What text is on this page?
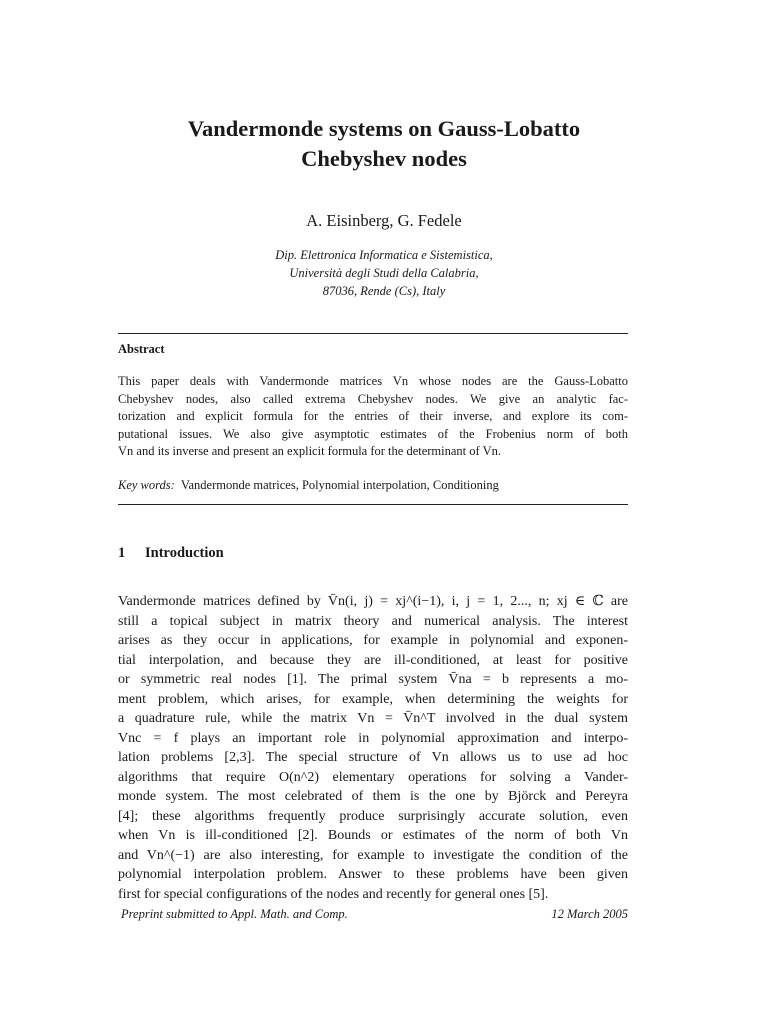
Vandermonde systems on Gauss-Lobatto
Chebyshev nodes
A. Eisinberg, G. Fedele
Dip. Elettronica Informatica e Sistemistica,
Università degli Studi della Calabria,
87036, Rende (Cs), Italy
Abstract
This paper deals with Vandermonde matrices Vn whose nodes are the Gauss-Lobatto
Chebyshev nodes, also called extrema Chebyshev nodes. We give an analytic fac-
torization and explicit formula for the entries of their inverse, and explore its com-
putational issues. We also give asymptotic estimates of the Frobenius norm of both
Vn and its inverse and present an explicit formula for the determinant of Vn.
Key words: Vandermonde matrices, Polynomial interpolation, Conditioning
1 Introduction
Vandermonde matrices defined by V̄n(i, j) = xj^(i−1), i, j = 1, 2..., n; xj ∈ ℂ are
still a topical subject in matrix theory and numerical analysis. The interest
arises as they occur in applications, for example in polynomial and exponen-
tial interpolation, and because they are ill-conditioned, at least for positive
or symmetric real nodes [1]. The primal system V̄na = b represents a mo-
ment problem, which arises, for example, when determining the weights for
a quadrature rule, while the matrix Vn = V̄n^T involved in the dual system
Vnc = f plays an important role in polynomial approximation and interpo-
lation problems [2,3]. The special structure of Vn allows us to use ad hoc
algorithms that require O(n^2) elementary operations for solving a Vander-
monde system. The most celebrated of them is the one by Björck and Pereyra
[4]; these algorithms frequently produce surprisingly accurate solution, even
when Vn is ill-conditioned [2]. Bounds or estimates of the norm of both Vn
and Vn^(−1) are also interesting, for example to investigate the condition of the
polynomial interpolation problem. Answer to these problems have been given
first for special configurations of the nodes and recently for general ones [5].
Preprint submitted to Appl. Math. and Comp.	12 March 2005
